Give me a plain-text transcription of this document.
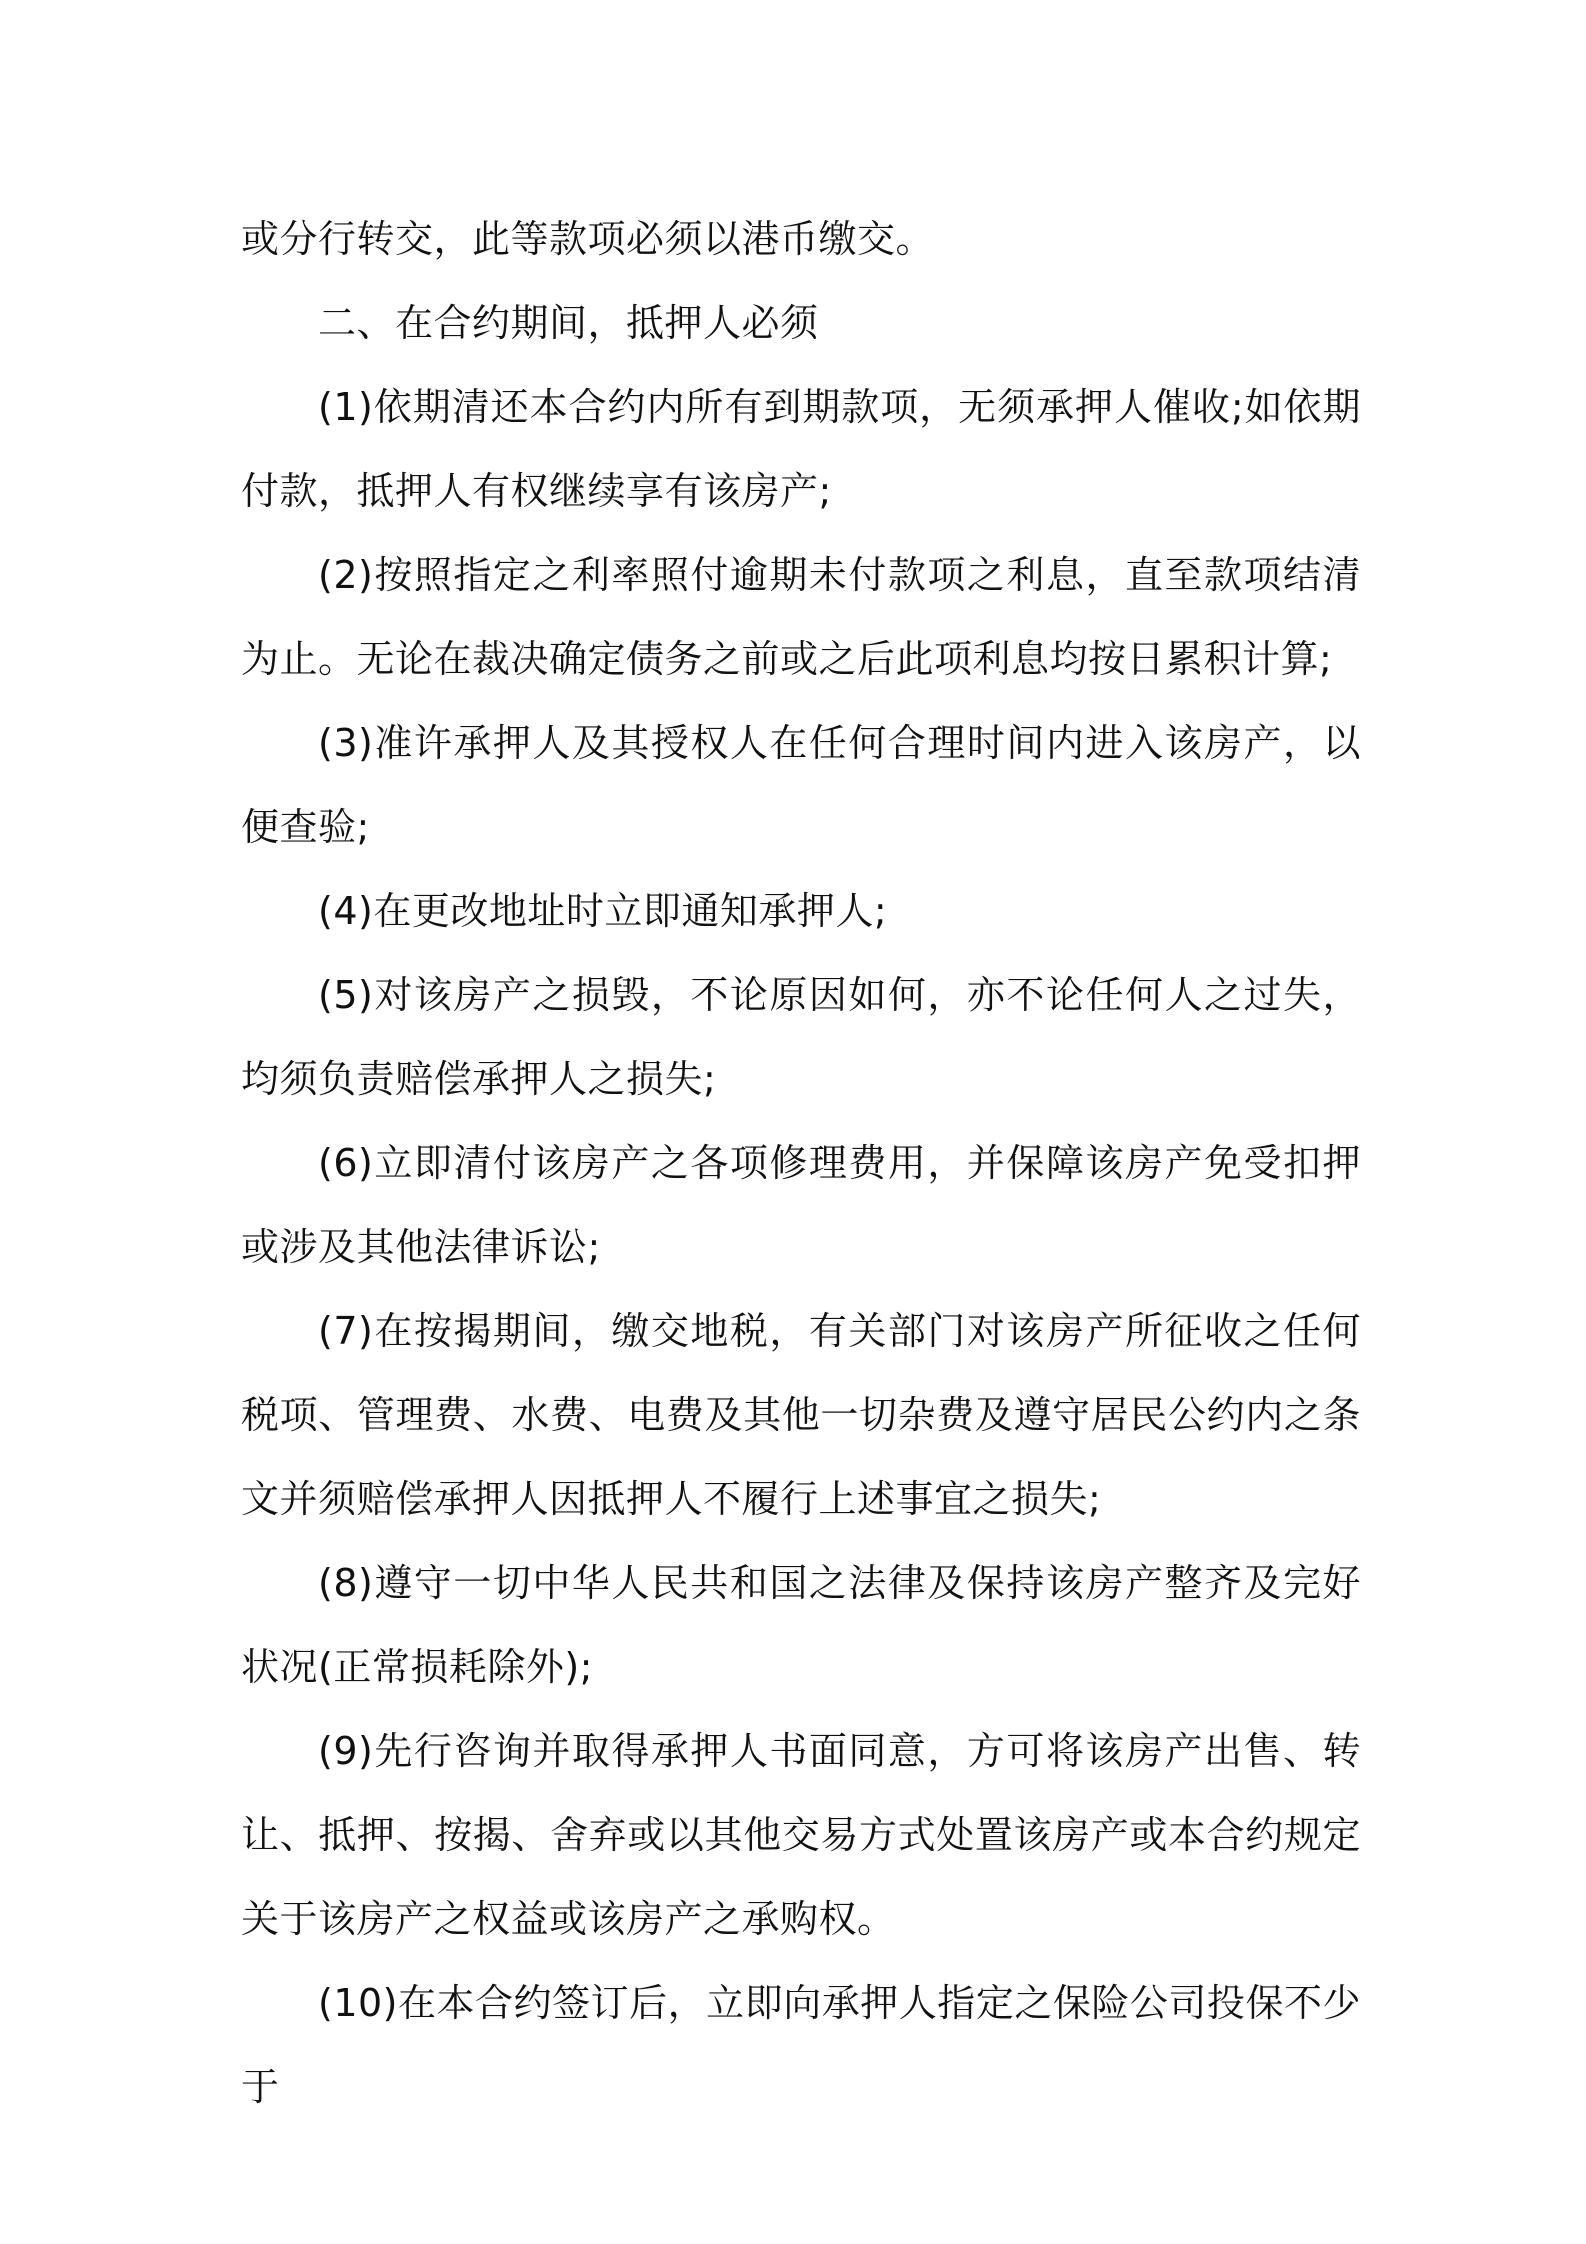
或分行转交，此等款项必须以港币缴交。

二、在合约期间，抵押人必须

(1)依期清还本合约内所有到期款项，无须承押人催收;如依期付款，抵押人有权继续享有该房产;

(2)按照指定之利率照付逾期未付款项之利息，直至款项结清为止。无论在裁决确定债务之前或之后此项利息均按日累积计算;

(3)准许承押人及其授权人在任何合理时间内进入该房产，以便查验;

(4)在更改地址时立即通知承押人;

(5)对该房产之损毁，不论原因如何，亦不论任何人之过失，均须负责赔偿承押人之损失;

(6)立即清付该房产之各项修理费用，并保障该房产免受扣押或涉及其他法律诉讼;

(7)在按揭期间，缴交地税，有关部门对该房产所征收之任何税项、管理费、水费、电费及其他一切杂费及遵守居民公约内之条文并须赔偿承押人因抵押人不履行上述事宜之损失;

(8)遵守一切中华人民共和国之法律及保持该房产整齐及完好状况(正常损耗除外);

(9)先行咨询并取得承押人书面同意，方可将该房产出售、转让、抵押、按揭、舍弃或以其他交易方式处置该房产或本合约规定关于该房产之权益或该房产之承购权。

(10)在本合约签订后，立即向承押人指定之保险公司投保不少于
